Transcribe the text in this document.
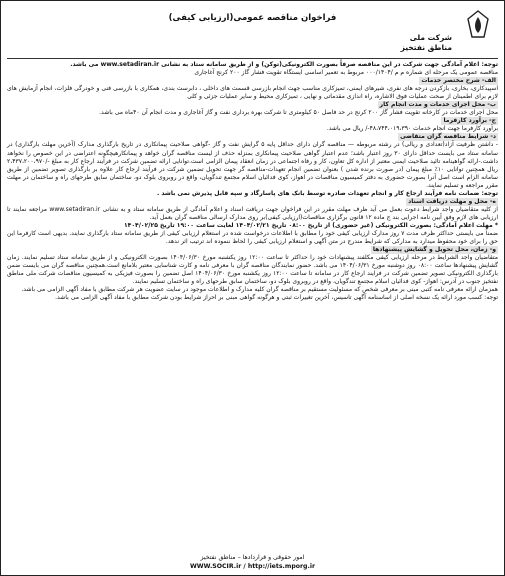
شرکت ملی
مناطق نفتخیز
فراخوان مناقصه عمومی(ارزیابی کیفی)

توجه: اعلام آمادگی جهت شرکت در این مناقصه صرفاً بصورت الکترونیکی(توکن) و از طریق سامانه ستاد به نشانی www.setadiran.ir می باشد.

مناقصه عمومی یک مرحله ای شماره م م /۰۰۰/۱۴۰۴ مربوط به تعمیر اساسی ایستگاه تقویت فشار گاز ۲۰۰ کرنج آغاجاری

الف- شرح مختصر خدمات

اسپیدکاری، بخاری، بازکردن درجه های نفری، شیرهای ایمنی، تمیزکاری مناسب جهت انجام بازرسی قسمت های داخلی ، دابرست بندی، همکاری با بازرسی فنی و خودرگی فلزات، انجام آزمایش های لازم برای اطمینان از صحت عملیات فوق الاشاره، راه اندازی مقدماتی و نهایی ، تمیزکاری محیط و سایر عملیات جزئی و کلی

ب- محل اجرای خدمات و مدت انجام کار

محل اجرای خدمات در کارخانه تقویت فشار گاز ۲۰۰ کرنج در حد فاصل ۵۰ کیلومتری تا شرکت بهره برداری نفت و گاز آغاجاری و مدت انجام آن ۴۰ماه می باشد.

ج- برآورد کارفرما

برآورد کارفرما جهت انجام خدمات ۴۸،۷۴۴،۰۱۹،۳۹۰-/ ریال می باشد.

د- شرایط مناقصه گران متقاضی

- داشتن ظرفیت آزاد(تعدادی و ریالی) در رشته مربوطه — مناقصه گران دارای حداقل پایه ۵ گرایش نفت و گاز -گواهی صلاحیت پیمانکاری در تاریخ بارگذاری مدارک (آخرین مهلت بارگذاری) در سامانه ستاد می بایست حداقل دارای ۳۰ روز اعتبار باشد؛ عدم اعتبار گواهی صلاحیت پیمانکاری بمنزله حذف از لیست مناقصه گران خواهد و پیمانکارهیچگونه اعتراضی در این خصوص را نخواهد داشت.-ارائه گواهینامه تائید صلاحیت ایمنی معتبر از اداره کل تعاون، کار و رفاه اجتماعی در زمان انعقاد پیمان الزامی است.توانایی ارائه تضمین شرکت در فرآیند ارجاع کار به مبلغ -/۲،۴۳۷،۲۰۰،۹۷۰ ریال همچنین توانایی ۱۰٪ مبلغ پیمان (در صورت برنده شدن ) بعنوان تضمین انجام تعهدات-مناقصه گر جهت تحویل تضمین شرکت در فرآیند ارجاع کار علاوه بر بارگذاری تصویر تضمین از طریق سامانه الزام است اصل آنرا بصورت حضوری به دفتر کمیسیون مناقصات در اهواز، کوی فدائیان اسلام مجتمع تندگویان، واقع در روبروی بلوک دو، ساختمان سایق طرحهای راه و ساختمان در مهلت مقرر مراجعه و تسلیم نمایند.

توجه: ضمانت نامه فرآیند ارجاع کار و انجام تعهدات صادره توسط بانک های پاسارگاد و سپه قابل پذیرش نمی باشد .

ه- محل و مهلت دریافت اسناد

از کلیه متقاضیان واجد شرایط دعوت بعمل می آید ظرف مهلت مقرر در این فراخوان جهت دریافت اسناد و اعلام آمادگی از طریق سامانه ستاد و به نشانی www.setadiran.ir مراجعه نمایند تا ارزیابی های لازم وفق آیین نامه اجرایی بند ج ماده ۱۲ قانون برگزاری مناقصات(ارزیابی کیفی)بر روی مدارک ارسالی مناقصه گران بعمل آید.

* مهلت اعلام آمادگی: بصورت الکترونیکی (غیر حضوری) از تاریخ ۰۸:۰۰ تاریخ ۱۴۰۴/۰۲/۲۱ لغایت ساعت ۱۹:۰۰ تاریخ ۱۴۰۴/۰۲/۲۵

ضمناً می بایستی حداکثر ظرف مدت ۷ روز مدارک ارزیابی کیفی خود را مطابق با اطلاعات درخواست شده در استعلام ارزیابی کیفی از طریق سامانه ستاد بارگذاری نمایند. بدیهی است کارفرما این حق را برای خود محفوظ میدارد به مدارکی که شرایط مندرج در متن آگهی و استعلام ارزیابی کیفی را لحاظ ننموده اند ترتیب اثر ندهد.

و- زمان، محل تحویل و گشایش پیشنهادها

متقاضیان واجد الشرایط در مرحله ارزیابی کیفی مکلفند پیشنهادات خود را حداکثر تا ساعت ۱۲:۰۰ روز یکشنبه مورخ ۱۴۰۴/۰۶/۳۰ بصورت الکترونیکی و از طریق سامانه ستاد تسلیم نمایند. زمان گشایش پیشنهادها ساعت ۰۸:۰۰ روز دوشنبه مورخ ۱۴۰۴/۰۶/۳۱ می باشد. حضور نمایندگان مناقصه گران با معرفی نامه و کارت شناسایی معتبر بلامانع است.همچنین مناقصه گران می بایست ضمن بارگذاری الکترونیکی تصویر تضمین شرکت در فرایند ارجاع کار در سامانه تا ساعت ۱۲:۰۰ روز یکشنبه مورخ ۱۴۰۴/۰۶/۳۰ اصل تضمین را بصورت فیزیکی به کمیسیون مناقصات شرکت ملی مناطق نفتخیز جنوب در آدرس: اهواز- کوی فدائیان اسلام مجتمع تندگویان، واقع در روبروی بلوک دو، ساختمان سابق طرحهای راه و ساختمان تسلیم نمایند.

همزمان ارائه معرفی نامه کتبی مبنی بر معرفی شخص که مسئولیت مستقیم بر مناقصه گران کلیه مدارک و اطلاعات موجود در سایت عضویت هر شرکت مطابق با مفاد آگهی الزامی می باشد.

توجه: کسب مورد ارائه یک نسخه اصلی از اساسنامه آگهی تاسیس، آخرین تغییرات ثبتی و هرگونه گواهی مبنی بر احراز شرایط بودن شرکت مطابق با مفاد آگهی الزامی می باشد.

امور حقوقی و قراردادها – مناطق نفتخیز
WWW.SOCIR.ir / http://iets.mporg.ir
